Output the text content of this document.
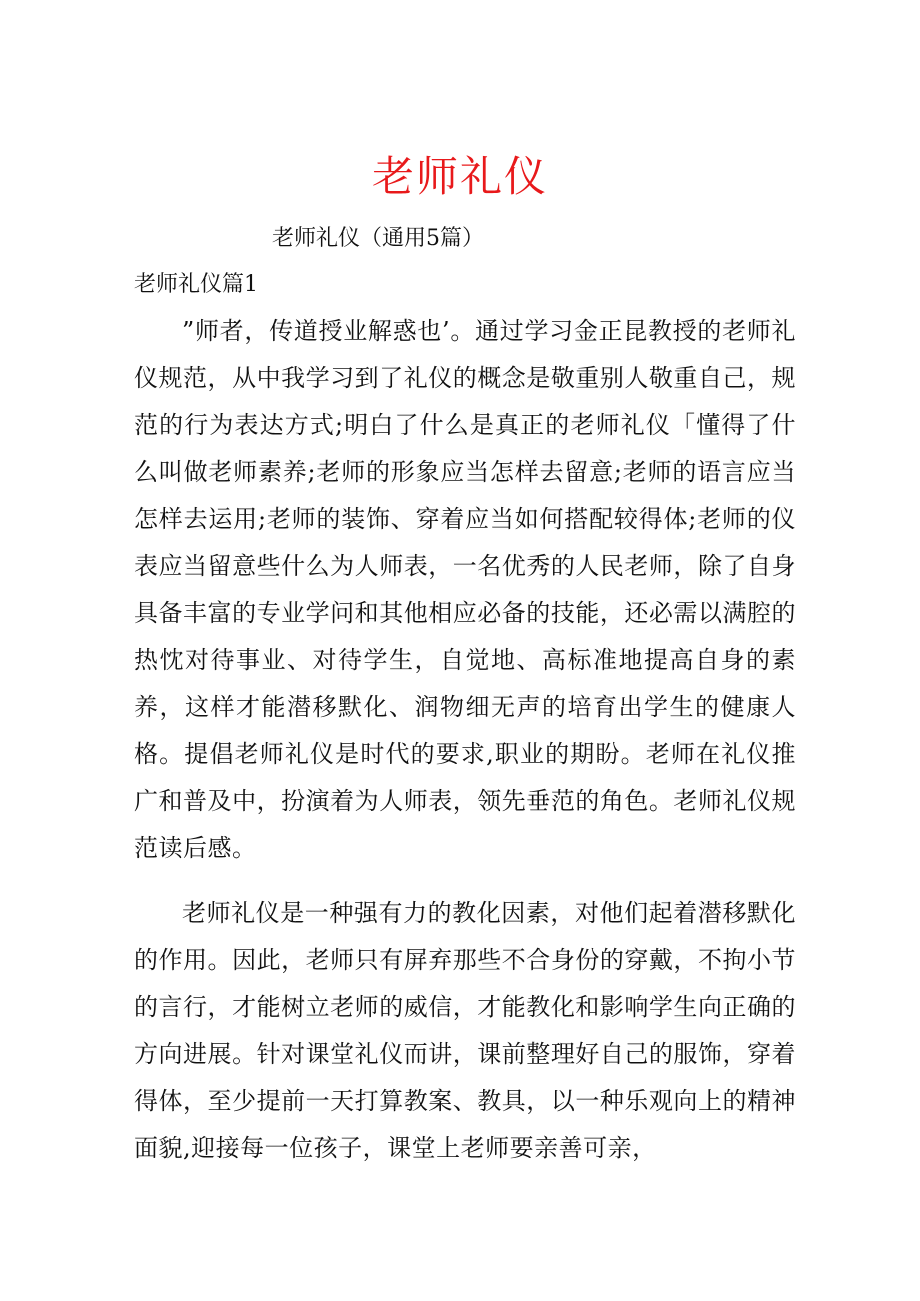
老师礼仪
老师礼仪（通用5篇）
老师礼仪篇1

”师者，传道授业解惑也’。通过学习金正昆教授的老师礼仪规范，从中我学习到了礼仪的概念是敬重别人敬重自己，规范的行为表达方式;明白了什么是真正的老师礼仪「懂得了什么叫做老师素养;老师的形象应当怎样去留意;老师的语言应当怎样去运用;老师的装饰、穿着应当如何搭配较得体;老师的仪表应当留意些什么为人师表，一名优秀的人民老师，除了自身具备丰富的专业学问和其他相应必备的技能，还必需以满腔的热忱对待事业、对待学生，自觉地、高标准地提高自身的素养，这样才能潜移默化、润物细无声的培育出学生的健康人格。提倡老师礼仪是时代的要求,职业的期盼。老师在礼仪推广和普及中，扮演着为人师表，领先垂范的角色。老师礼仪规范读后感。

老师礼仪是一种强有力的教化因素，对他们起着潜移默化的作用。因此，老师只有屏弃那些不合身份的穿戴，不拘小节的言行，才能树立老师的威信，才能教化和影响学生向正确的方向进展。针对课堂礼仪而讲，课前整理好自己的服饰，穿着得体，至少提前一天打算教案、教具，以一种乐观向上的精神面貌,迎接每一位孩子，课堂上老师要亲善可亲，
